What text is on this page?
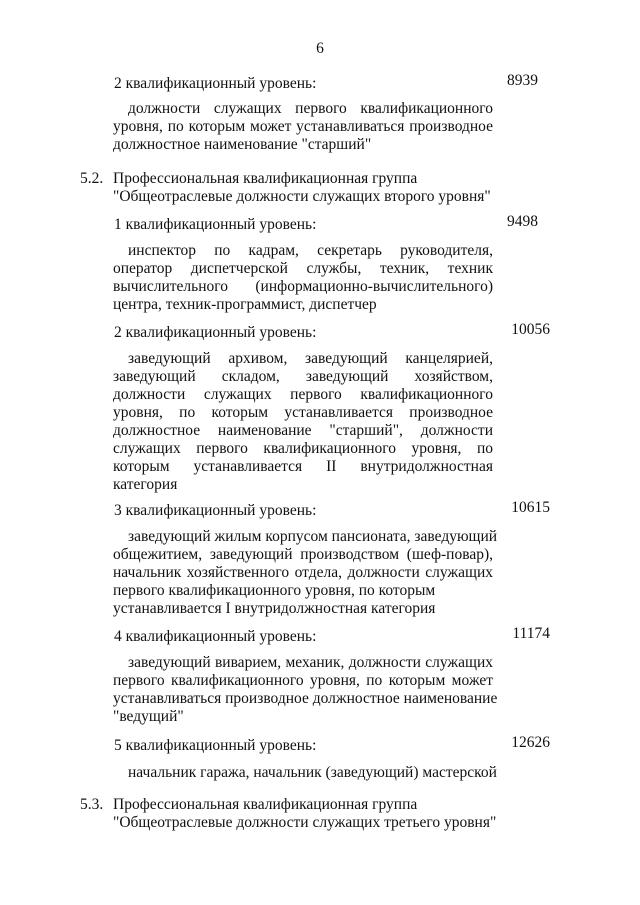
6
2 квалификационный уровень:	8939
должности служащих первого квалификационного
уровня, по которым может устанавливаться производное
должностное наименование "старший"
5.2. Профессиональная квалификационная группа
"Общеотраслевые должности служащих второго уровня"
1 квалификационный уровень:	9498
инспектор по кадрам, секретарь руководителя,
оператор диспетчерской службы, техник, техник
вычислительного (информационно-вычислительного)
центра, техник-программист, диспетчер
2 квалификационный уровень:	10056
заведующий архивом, заведующий канцелярией,
заведующий складом, заведующий хозяйством,
должности служащих первого квалификационного
уровня, по которым устанавливается производное
должностное наименование "старший", должности
служащих первого квалификационного уровня, по
которым устанавливается II внутридолжностная
категория
3 квалификационный уровень:	10615
заведующий жилым корпусом пансионата, заведующий
общежитием, заведующий производством (шеф-повар),
начальник хозяйственного отдела, должности служащих
первого квалификационного уровня, по которым
устанавливается I внутридолжностная категория
4 квалификационный уровень:	11174
заведующий виварием, механик, должности служащих
первого квалификационного уровня, по которым может
устанавливаться производное должностное наименование
"ведущий"
5 квалификационный уровень:	12626
начальник гаража, начальник (заведующий) мастерской
5.3. Профессиональная квалификационная группа
"Общеотраслевые должности служащих третьего уровня"
